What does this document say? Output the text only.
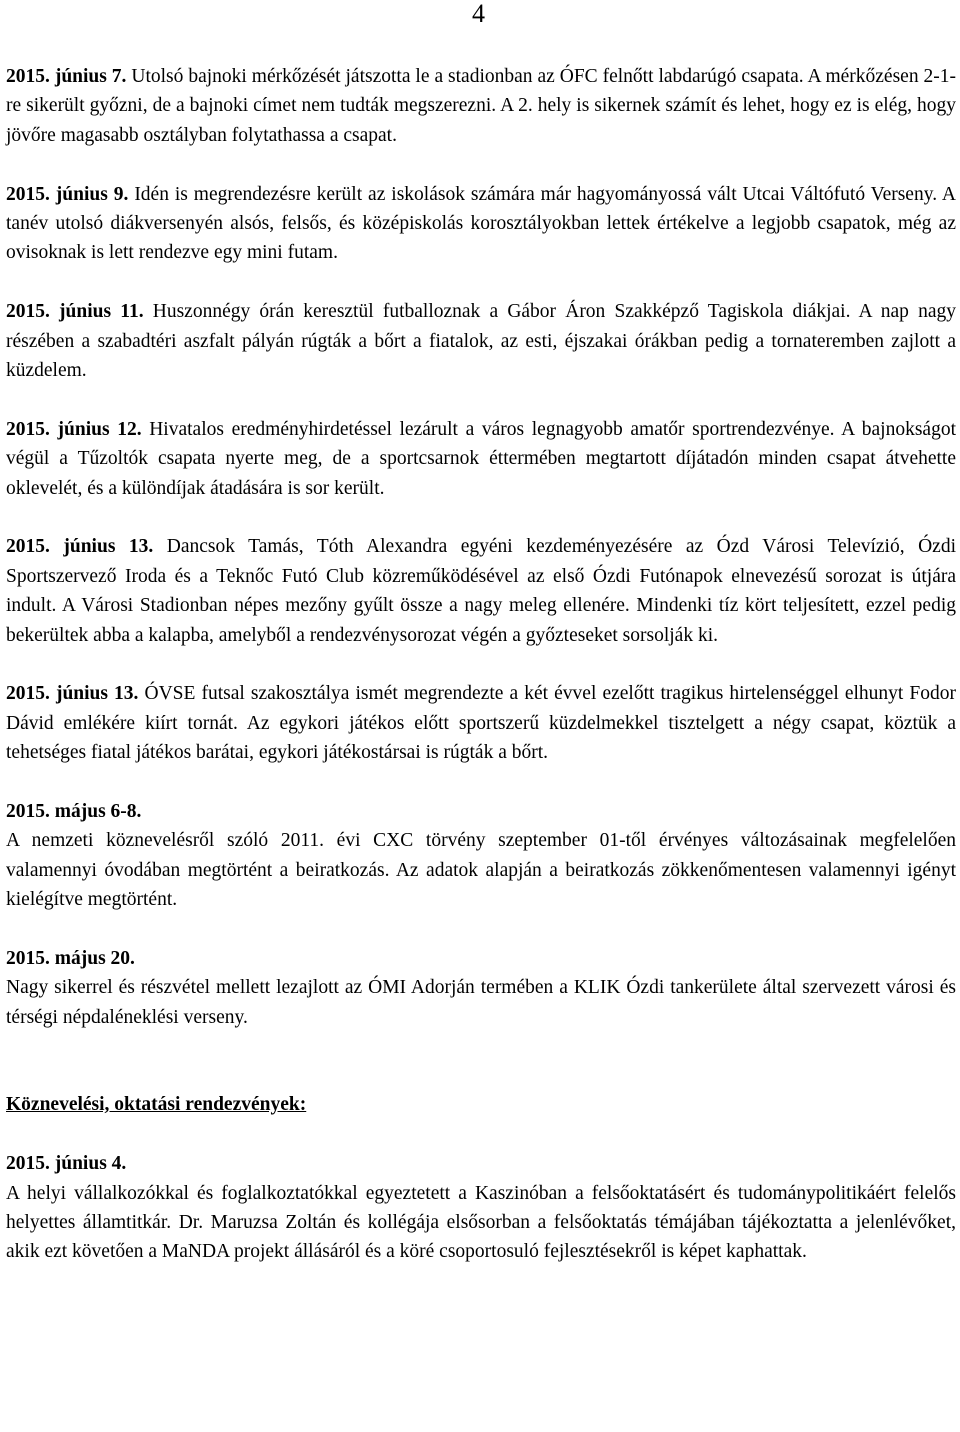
4

2015. június 7. Utolsó bajnoki mérkőzését játszotta le a stadionban az ÓFC felnőtt labdarúgó csapata. A mérkőzésen 2-1-re sikerült győzni, de a bajnoki címet nem tudták megszerezni. A 2. hely is sikernek számít és lehet, hogy ez is elég, hogy jövőre magasabb osztályban folytathassa a csapat.

2015. június 9. Idén is megrendezésre került az iskolások számára már hagyományossá vált Utcai Váltófutó Verseny. A tanév utolsó diákversenyén alsós, felsős, és középiskolás korosztályokban lettek értékelve a legjobb csapatok, még az ovisoknak is lett rendezve egy mini futam.

2015. június 11. Huszonnégy órán keresztül futballoznak a Gábor Áron Szakképző Tagiskola diákjai. A nap nagy részében a szabadtéri aszfalt pályán rúgták a bőrt a fiatalok, az esti, éjszakai órákban pedig a tornateremben zajlott a küzdelem.

2015. június 12. Hivatalos eredményhirdetéssel lezárult a város legnagyobb amatőr sportrendezvénye. A bajnokságot végül a Tűzoltók csapata nyerte meg, de a sportcsarnok éttermében megtartott díjátadón minden csapat átvehette oklevelét, és a különdíjak átadására is sor került.

2015. június 13. Dancsok Tamás, Tóth Alexandra egyéni kezdeményezésére az Ózd Városi Televízió, Ózdi Sportszervező Iroda és a Teknőc Futó Club közreműködésével az első Ózdi Futónapok elnevezésű sorozat is útjára indult. A Városi Stadionban népes mezőny gyűlt össze a nagy meleg ellenére. Mindenki tíz kört teljesített, ezzel pedig bekerültek abba a kalapba, amelyből a rendezvénysorozat végén a győzteseket sorsolják ki.

2015. június 13. ÓVSE futsal szakosztálya ismét megrendezte a két évvel ezelőtt tragikus hirtelenséggel elhunyt Fodor Dávid emlékére kiírt tornát. Az egykori játékos előtt sportszerű küzdelmekkel tisztelgett a négy csapat, köztük a tehetséges fiatal játékos barátai, egykori játékostársai is rúgták a bőrt.

2015. május 6-8.

A nemzeti köznevelésről szóló 2011. évi CXC törvény szeptember 01-től érvényes változásainak megfelelően valamennyi óvodában megtörtént a beiratkozás. Az adatok alapján a beiratkozás zökkenőmentesen valamennyi igényt kielégítve megtörtént.

2015. május 20.

Nagy sikerrel és részvétel mellett lezajlott az ÓMI Adorján termében a KLIK Ózdi tankerülete által szervezett városi és térségi népdaléneklési verseny.

Köznevelési, oktatási rendezvények:
2015. június 4.

A helyi vállalkozókkal és foglalkoztatókkal egyeztetett a Kaszinóban a felsőoktatásért és tudománypolitikáért felelős helyettes államtitkár. Dr. Maruzsa Zoltán és kollégája elsősorban a felsőoktatás témájában tájékoztatta a jelenlévőket, akik ezt követően a MaNDA projekt állásáról és a köré csoportosuló fejlesztésekről is képet kaphattak.
